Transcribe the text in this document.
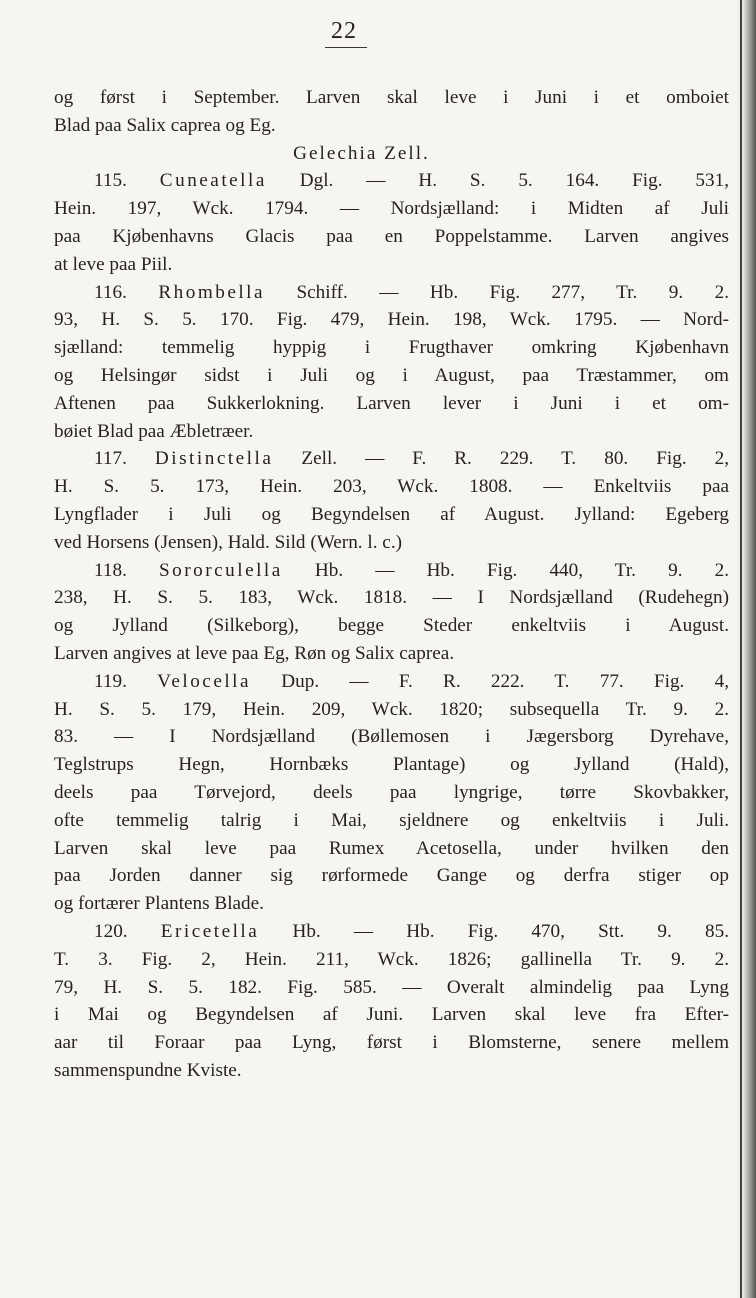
22
og først i September. Larven skal leve i Juni i et omboiet
Blad paa Salix caprea og Eg.
Gelechia Zell.
115. Cuneatella Dgl. — H. S. 5. 164. Fig. 531,
Hein. 197, Wck. 1794. — Nordsjælland: i Midten af Juli
paa Kjøbenhavns Glacis paa en Poppelstamme. Larven angives
at leve paa Piil.
116. Rhombella Schiff. — Hb. Fig. 277, Tr. 9. 2.
93, H. S. 5. 170. Fig. 479, Hein. 198, Wck. 1795. — Nord-
sjælland: temmelig hyppig i Frugthaver omkring Kjøbenhavn
og Helsingør sidst i Juli og i August, paa Træstammer, om
Aftenen paa Sukkerlokning. Larven lever i Juni i et om-
bøiet Blad paa Æbletræer.
117. Distinctella Zell. — F. R. 229. T. 80. Fig. 2,
H. S. 5. 173, Hein. 203, Wck. 1808. — Enkeltviis paa
Lyngflader i Juli og Begyndelsen af August. Jylland: Egeberg
ved Horsens (Jensen), Hald. Sild (Wern. l. c.)
118. Sororculella Hb. — Hb. Fig. 440, Tr. 9. 2.
238, H. S. 5. 183, Wck. 1818. — I Nordsjælland (Rudehegn)
og Jylland (Silkeborg), begge Steder enkeltviis i August.
Larven angives at leve paa Eg, Røn og Salix caprea.
119. Velocella Dup. — F. R. 222. T. 77. Fig. 4,
H. S. 5. 179, Hein. 209, Wck. 1820; subsequella Tr. 9. 2.
83. — I Nordsjælland (Bøllemosen i Jægersborg Dyrehave,
Teglstrups Hegn, Hornbæks Plantage) og Jylland (Hald),
deels paa Tørvejord, deels paa lyngrige, tørre Skovbakker,
ofte temmelig talrig i Mai, sjeldnere og enkeltviis i Juli.
Larven skal leve paa Rumex Acetosella, under hvilken den
paa Jorden danner sig rørformede Gange og derfra stiger op
og fortærer Plantens Blade.
120. Ericetella Hb. — Hb. Fig. 470, Stt. 9. 85.
T. 3. Fig. 2, Hein. 211, Wck. 1826; gallinella Tr. 9. 2.
79, H. S. 5. 182. Fig. 585. — Overalt almindelig paa Lyng
i Mai og Begyndelsen af Juni. Larven skal leve fra Efter-
aar til Foraar paa Lyng, først i Blomsterne, senere mellem
sammenspundne Kviste.
